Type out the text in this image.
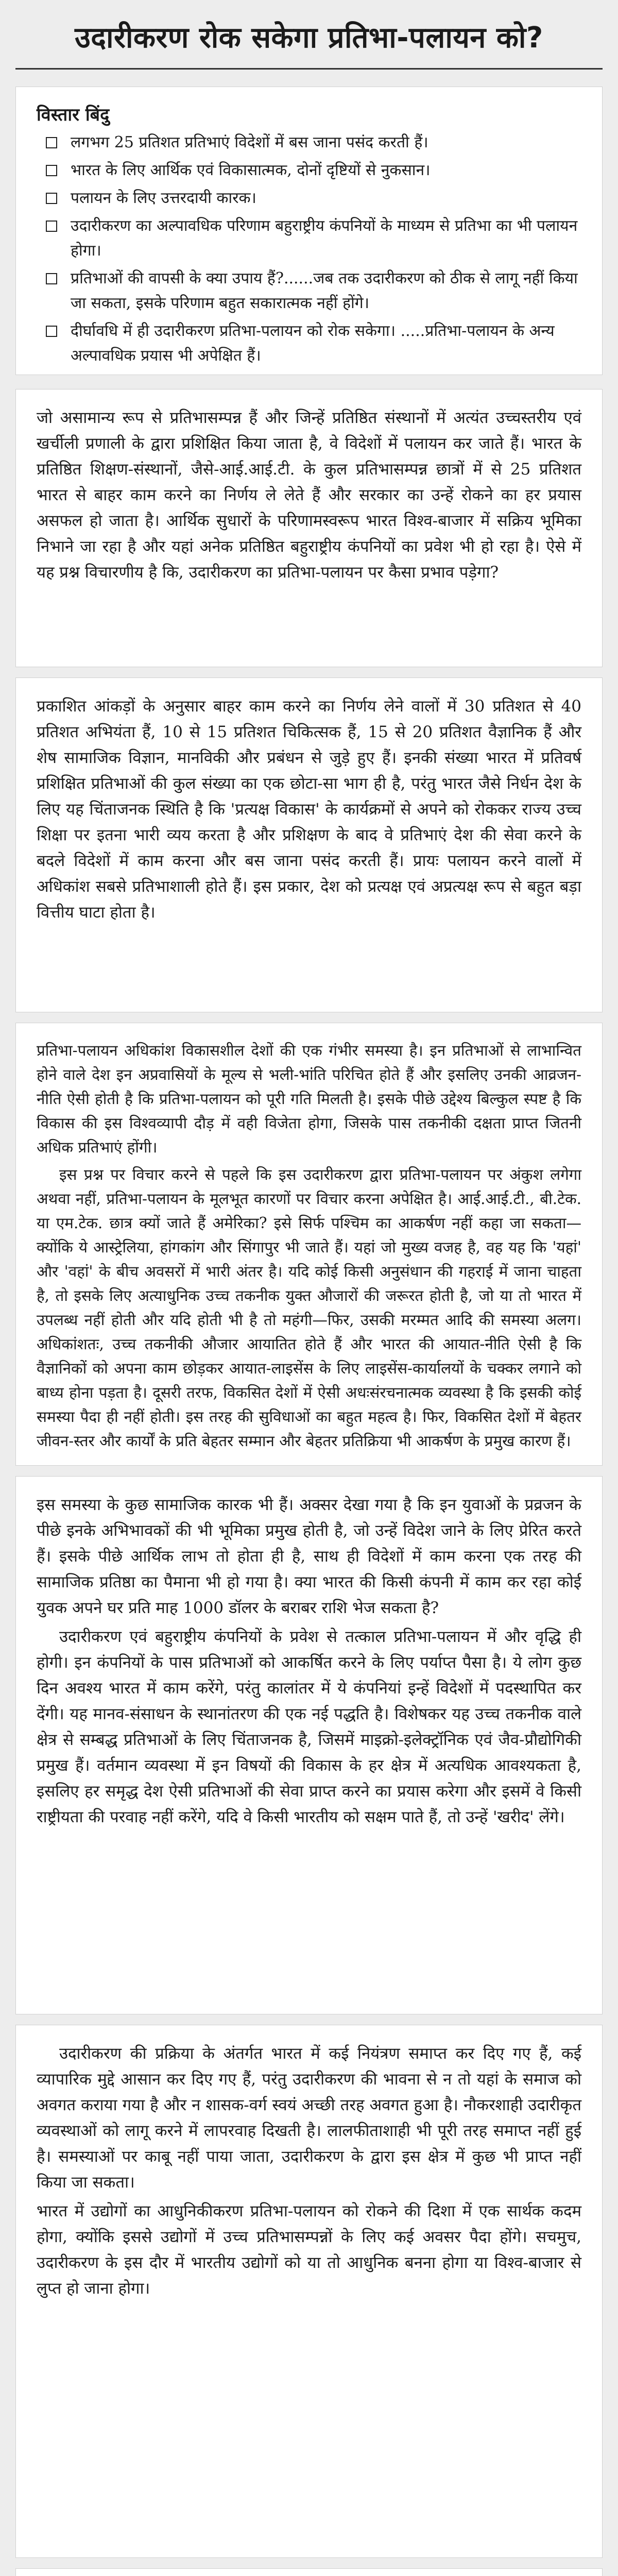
उदारीकरण रोक सकेगा प्रतिभा-पलायन को?
विस्तार बिंदु
लगभग 25 प्रतिशत प्रतिभाएं विदेशों में बस जाना पसंद करती हैं।
भारत के लिए आर्थिक एवं विकासात्मक, दोनों दृष्टियों से नुकसान।
पलायन के लिए उत्तरदायी कारक।
उदारीकरण का अल्पावधिक परिणाम बहुराष्ट्रीय कंपनियों के माध्यम से प्रतिभा का भी पलायन होगा।
प्रतिभाओं की वापसी के क्या उपाय हैं?......जब तक उदारीकरण को ठीक से लागू नहीं किया जा सकता, इसके परिणाम बहुत सकारात्मक नहीं होंगे।
दीर्घावधि में ही उदारीकरण प्रतिभा-पलायन को रोक सकेगा। .....प्रतिभा-पलायन के अन्य अल्पावधिक प्रयास भी अपेक्षित हैं।

जो असामान्य रूप से प्रतिभासम्पन्न हैं और जिन्हें प्रतिष्ठित संस्थानों में अत्यंत उच्चस्तरीय एवं खर्चीली प्रणाली के द्वारा प्रशिक्षित किया जाता है, वे विदेशों में पलायन कर जाते हैं। भारत के प्रतिष्ठित शिक्षण-संस्थानों, जैसे-आई.आई.टी. के कुल प्रतिभासम्पन्न छात्रों में से 25 प्रतिशत भारत से बाहर काम करने का निर्णय ले लेते हैं और सरकार का उन्हें रोकने का हर प्रयास असफल हो जाता है। आर्थिक सुधारों के परिणामस्वरूप भारत विश्व-बाजार में सक्रिय भूमिका निभाने जा रहा है और यहां अनेक प्रतिष्ठित बहुराष्ट्रीय कंपनियों का प्रवेश भी हो रहा है। ऐसे में यह प्रश्न विचारणीय है कि, उदारीकरण का प्रतिभा-पलायन पर कैसा प्रभाव पड़ेगा?

प्रकाशित आंकड़ों के अनुसार बाहर काम करने का निर्णय लेने वालों में 30 प्रतिशत से 40 प्रतिशत अभियंता हैं, 10 से 15 प्रतिशत चिकित्सक हैं, 15 से 20 प्रतिशत वैज्ञानिक हैं और शेष सामाजिक विज्ञान, मानविकी और प्रबंधन से जुड़े हुए हैं। इनकी संख्या भारत में प्रतिवर्ष प्रशिक्षित प्रतिभाओं की कुल संख्या का एक छोटा-सा भाग ही है, परंतु भारत जैसे निर्धन देश के लिए यह चिंताजनक स्थिति है कि 'प्रत्यक्ष विकास' के कार्यक्रमों से अपने को रोककर राज्य उच्च शिक्षा पर इतना भारी व्यय करता है और प्रशिक्षण के बाद वे प्रतिभाएं देश की सेवा करने के बदले विदेशों में काम करना और बस जाना पसंद करती हैं। प्रायः पलायन करने वालों में अधिकांश सबसे प्रतिभाशाली होते हैं। इस प्रकार, देश को प्रत्यक्ष एवं अप्रत्यक्ष रूप से बहुत बड़ा वित्तीय घाटा होता है।

प्रतिभा-पलायन अधिकांश विकासशील देशों की एक गंभीर समस्या है। इन प्रतिभाओं से लाभान्वित होने वाले देश इन अप्रवासियों के मूल्य से भली-भांति परिचित होते हैं और इसलिए उनकी आव्रजन-नीति ऐसी होती है कि प्रतिभा-पलायन को पूरी गति मिलती है। इसके पीछे उद्देश्य बिल्कुल स्पष्ट है कि विकास की इस विश्वव्यापी दौड़ में वही विजेता होगा, जिसके पास तकनीकी दक्षता प्राप्त जितनी अधिक प्रतिभाएं होंगी।

इस प्रश्न पर विचार करने से पहले कि इस उदारीकरण द्वारा प्रतिभा-पलायन पर अंकुश लगेगा अथवा नहीं, प्रतिभा-पलायन के मूलभूत कारणों पर विचार करना अपेक्षित है। आई.आई.टी., बी.टेक. या एम.टेक. छात्र क्यों जाते हैं अमेरिका? इसे सिर्फ पश्चिम का आकर्षण नहीं कहा जा सकता—क्योंकि ये आस्ट्रेलिया, हांगकांग और सिंगापुर भी जाते हैं। यहां जो मुख्य वजह है, वह यह कि 'यहां' और 'वहां' के बीच अवसरों में भारी अंतर है। यदि कोई किसी अनुसंधान की गहराई में जाना चाहता है, तो इसके लिए अत्याधुनिक उच्च तकनीक युक्त औजारों की जरूरत होती है, जो या तो भारत में उपलब्ध नहीं होती और यदि होती भी है तो महंगी—फिर, उसकी मरम्मत आदि की समस्या अलग। अधिकांशतः, उच्च तकनीकी औजार आयातित होते हैं और भारत की आयात-नीति ऐसी है कि वैज्ञानिकों को अपना काम छोड़कर आयात-लाइसेंस के लिए लाइसेंस-कार्यालयों के चक्कर लगाने को बाध्य होना पड़ता है। दूसरी तरफ, विकसित देशों में ऐसी अधःसंरचनात्मक व्यवस्था है कि इसकी कोई समस्या पैदा ही नहीं होती। इस तरह की सुविधाओं का बहुत महत्व है। फिर, विकसित देशों में बेहतर जीवन-स्तर और कार्यों के प्रति बेहतर सम्मान और बेहतर प्रतिक्रिया भी आकर्षण के प्रमुख कारण हैं।

इस समस्या के कुछ सामाजिक कारक भी हैं। अक्सर देखा गया है कि इन युवाओं के प्रव्रजन के पीछे इनके अभिभावकों की भी भूमिका प्रमुख होती है, जो उन्हें विदेश जाने के लिए प्रेरित करते हैं। इसके पीछे आर्थिक लाभ तो होता ही है, साथ ही विदेशों में काम करना एक तरह की सामाजिक प्रतिष्ठा का पैमाना भी हो गया है। क्या भारत की किसी कंपनी में काम कर रहा कोई युवक अपने घर प्रति माह 1000 डॉलर के बराबर राशि भेज सकता है?

उदारीकरण एवं बहुराष्ट्रीय कंपनियों के प्रवेश से तत्काल प्रतिभा-पलायन में और वृद्धि ही होगी। इन कंपनियों के पास प्रतिभाओं को आकर्षित करने के लिए पर्याप्त पैसा है। ये लोग कुछ दिन अवश्य भारत में काम करेंगे, परंतु कालांतर में ये कंपनियां इन्हें विदेशों में पदस्थापित कर देंगी। यह मानव-संसाधन के स्थानांतरण की एक नई पद्धति है। विशेषकर यह उच्च तकनीक वाले क्षेत्र से सम्बद्ध प्रतिभाओं के लिए चिंताजनक है, जिसमें माइक्रो-इलेक्ट्रॉनिक एवं जैव-प्रौद्योगिकी प्रमुख हैं। वर्तमान व्यवस्था में इन विषयों की विकास के हर क्षेत्र में अत्यधिक आवश्यकता है, इसलिए हर समृद्ध देश ऐसी प्रतिभाओं की सेवा प्राप्त करने का प्रयास करेगा और इसमें वे किसी राष्ट्रीयता की परवाह नहीं करेंगे, यदि वे किसी भारतीय को सक्षम पाते हैं, तो उन्हें 'खरीद' लेंगे।

उदारीकरण की प्रक्रिया के अंतर्गत भारत में कई नियंत्रण समाप्त कर दिए गए हैं, कई व्यापारिक मुद्दे आसान कर दिए गए हैं, परंतु उदारीकरण की भावना से न तो यहां के समाज को अवगत कराया गया है और न शासक-वर्ग स्वयं अच्छी तरह अवगत हुआ है। नौकरशाही उदारीकृत व्यवस्थाओं को लागू करने में लापरवाह दिखती है। लालफीताशाही भी पूरी तरह समाप्त नहीं हुई है। समस्याओं पर काबू नहीं पाया जाता, उदारीकरण के द्वारा इस क्षेत्र में कुछ भी प्राप्त नहीं किया जा सकता।

भारत में उद्योगों का आधुनिकीकरण प्रतिभा-पलायन को रोकने की दिशा में एक सार्थक कदम होगा, क्योंकि इससे उद्योगों में उच्च प्रतिभासम्पन्नों के लिए कई अवसर पैदा होंगे। सचमुच, उदारीकरण के इस दौर में भारतीय उद्योगों को या तो आधुनिक बनना होगा या विश्व-बाजार से लुप्त हो जाना होगा।
